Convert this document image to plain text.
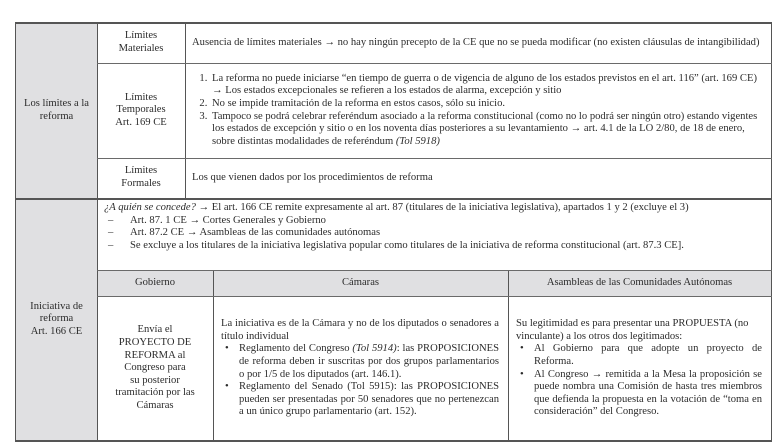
Los límites a la reforma
Límites
Materiales
Ausencia de límites materiales → no hay ningún precepto de la CE que no se pueda modificar (no existen cláusulas de intangibilidad)
Límites
Temporales
Art. 169 CE
1. La reforma no puede iniciarse “en tiempo de guerra o de vigencia de alguno de los estados previstos en el art. 116” (art. 169 CE) → Los estados excepcionales se refieren a los estados de alarma, excepción y sitio
2. No se impide tramitación de la reforma en estos casos, sólo su inicio.
3. Tampoco se podrá celebrar referéndum asociado a la reforma constitucional (como no lo podrá ser ningún otro) estando vigentes los estados de excepción y sitio o en los noventa días posteriores a su levantamiento → art. 4.1 de la LO 2/80, de 18 de enero, sobre distintas modalidades de referéndum (Tol 5918)
Límites
Formales
Los que vienen dados por los procedimientos de reforma
Iniciativa de
reforma
Art. 166 CE
¿A quién se concede? → El art. 166 CE remite expresamente al art. 87 (titulares de la iniciativa legislativa), apartados 1 y 2 (excluye el 3)
– Art. 87. 1 CE → Cortes Generales y Gobierno
– Art. 87.2 CE → Asambleas de las comunidades autónomas
– Se excluye a los titulares de la iniciativa legislativa popular como titulares de la iniciativa de reforma constitucional (art. 87.3 CE].
Gobierno	Cámaras	Asambleas de las Comunidades Autónomas
Envía el
PROYECTO DE
REFORMA al
Congreso para
su posterior
tramitación por las
Cámaras
La iniciativa es de la Cámara y no de los diputados o senadores a título individual
• Reglamento del Congreso (Tol 5914): las PROPOSICIONES de reforma deben ir suscritas por dos grupos parlamentarios o por 1/5 de los diputados (art. 146.1).
• Reglamento del Senado (Tol 5915): las PROPOSICIONES pueden ser presentadas por 50 senadores que no pertenezcan a un único grupo parlamentario (art. 152).
Su legitimidad es para presentar una PROPUESTA (no vinculante) a los otros dos legitimados:
• Al Gobierno para que adopte un proyecto de Reforma.
• Al Congreso → remitida a la Mesa la proposición se puede nombra una Comisión de hasta tres miembros que defienda la propuesta en la votación de “toma en consideración” del Congreso.
